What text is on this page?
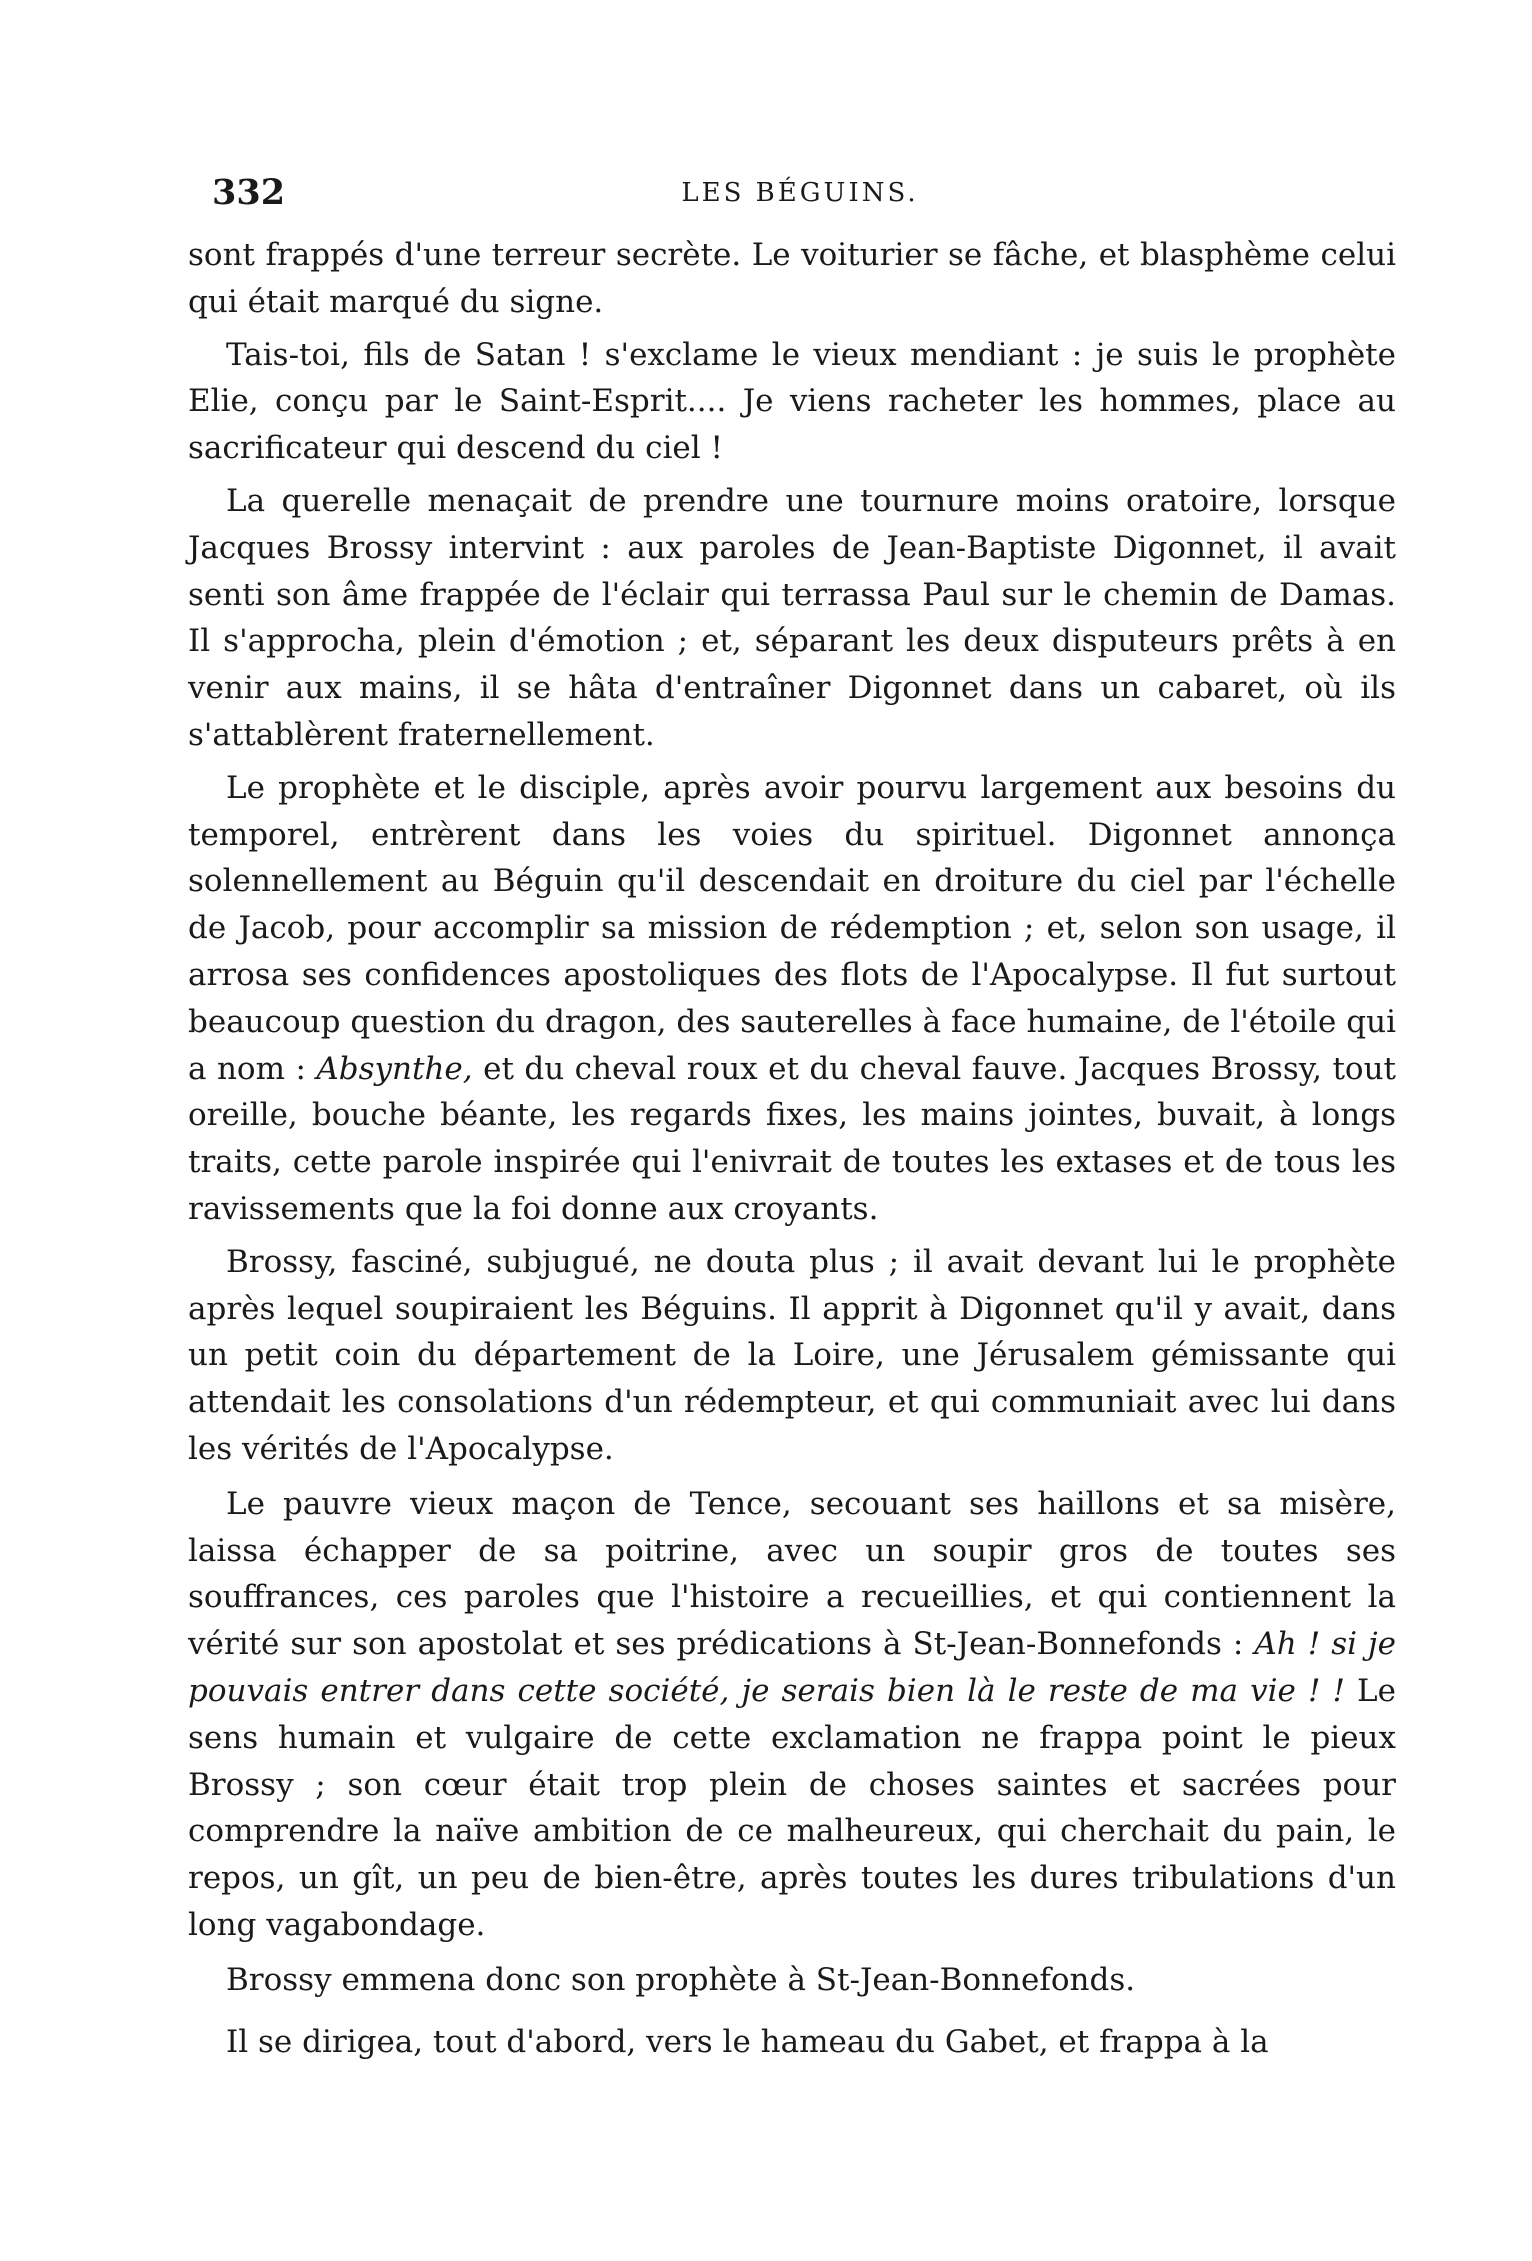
332	LES BÉGUINS.

sont frappés d'une terreur secrète. Le voiturier se fâche, et blasphème celui qui était marqué du signe.

Tais-toi, fils de Satan ! s'exclame le vieux mendiant : je suis le prophète Elie, conçu par le Saint-Esprit.... Je viens racheter les hommes, place au sacrificateur qui descend du ciel !

La querelle menaçait de prendre une tournure moins oratoire, lorsque Jacques Brossy intervint : aux paroles de Jean-Baptiste Digonnet, il avait senti son âme frappée de l'éclair qui terrassa Paul sur le chemin de Damas. Il s'approcha, plein d'émotion ; et, séparant les deux disputeurs prêts à en venir aux mains, il se hâta d'entraîner Digonnet dans un cabaret, où ils s'attablèrent fraternellement.

Le prophète et le disciple, après avoir pourvu largement aux besoins du temporel, entrèrent dans les voies du spirituel. Digonnet annonça solennellement au Béguin qu'il descendait en droiture du ciel par l'échelle de Jacob, pour accomplir sa mission de rédemption ; et, selon son usage, il arrosa ses confidences apostoliques des flots de l'Apocalypse. Il fut surtout beaucoup question du dragon, des sauterelles à face humaine, de l'étoile qui a nom : Absynthe, et du cheval roux et du cheval fauve. Jacques Brossy, tout oreille, bouche béante, les regards fixes, les mains jointes, buvait, à longs traits, cette parole inspirée qui l'enivrait de toutes les extases et de tous les ravissements que la foi donne aux croyants.

Brossy, fasciné, subjugué, ne douta plus ; il avait devant lui le prophète après lequel soupiraient les Béguins. Il apprit à Digonnet qu'il y avait, dans un petit coin du département de la Loire, une Jérusalem gémissante qui attendait les consolations d'un rédempteur, et qui communiait avec lui dans les vérités de l'Apocalypse.

Le pauvre vieux maçon de Tence, secouant ses haillons et sa misère, laissa échapper de sa poitrine, avec un soupir gros de toutes ses souffrances, ces paroles que l'histoire a recueillies, et qui contiennent la vérité sur son apostolat et ses prédications à St-Jean-Bonnefonds : Ah ! si je pouvais entrer dans cette société, je serais bien là le reste de ma vie ! ! Le sens humain et vulgaire de cette exclamation ne frappa point le pieux Brossy ; son cœur était trop plein de choses saintes et sacrées pour comprendre la naïve ambition de ce malheureux, qui cherchait du pain, le repos, un gît, un peu de bien-être, après toutes les dures tribulations d'un long vagabondage.

Brossy emmena donc son prophète à St-Jean-Bonnefonds.

Il se dirigea, tout d'abord, vers le hameau du Gabet, et frappa à la
